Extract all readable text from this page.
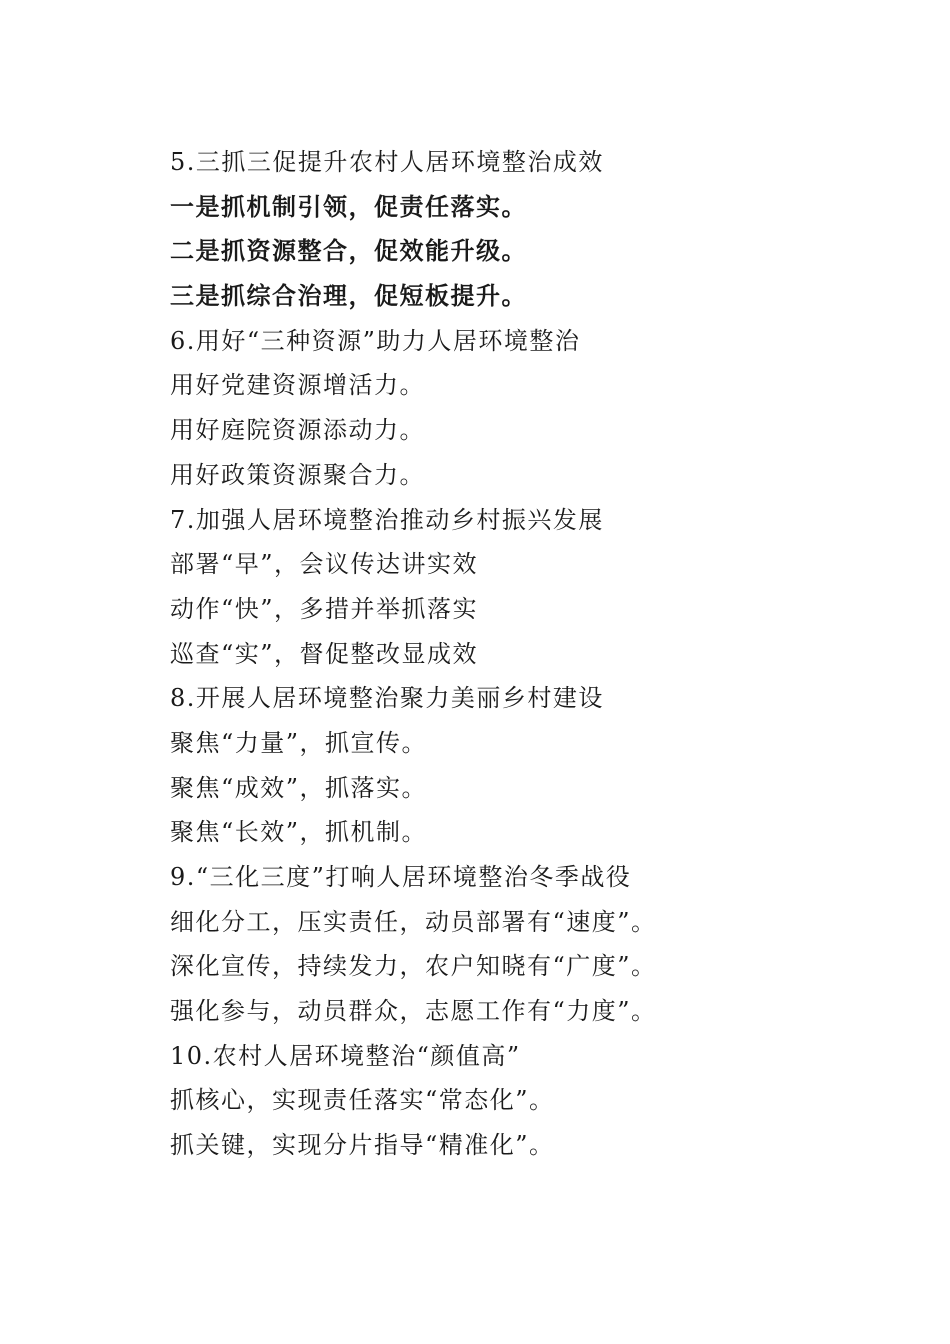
5.三抓三促提升农村人居环境整治成效
一是抓机制引领，促责任落实。
二是抓资源整合，促效能升级。
三是抓综合治理，促短板提升。
6.用好“三种资源”助力人居环境整治
用好党建资源增活力。
用好庭院资源添动力。
用好政策资源聚合力。
7.加强人居环境整治推动乡村振兴发展
部署“早”，会议传达讲实效
动作“快”，多措并举抓落实
巡查“实”，督促整改显成效
8.开展人居环境整治聚力美丽乡村建设
聚焦“力量”，抓宣传。
聚焦“成效”，抓落实。
聚焦“长效”，抓机制。
9.“三化三度”打响人居环境整治冬季战役
细化分工，压实责任，动员部署有“速度”。
深化宣传，持续发力，农户知晓有“广度”。
强化参与，动员群众，志愿工作有“力度”。
10.农村人居环境整治“颜值高”
抓核心，实现责任落实“常态化”。
抓关键，实现分片指导“精准化”。
